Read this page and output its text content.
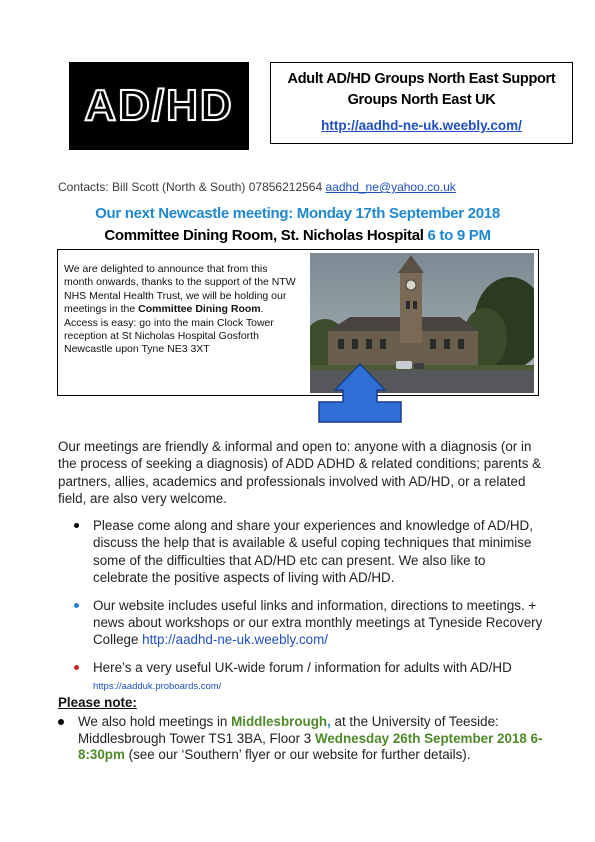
AD/HD
Adult AD/HD Groups North East Support
Groups North East UK
http://aadhd-ne-uk.weebly.com/
Contacts: Bill Scott (North & South) 07856212564 aadhd_ne@yahoo.co.uk
Our next Newcastle meeting: Monday 17th September 2018
Committee Dining Room, St. Nicholas Hospital 6 to 9 PM
We are delighted to announce that from this month onwards, thanks to the support of the NTW NHS Mental Health Trust, we will be holding our meetings in the Committee Dining Room. Access is easy: go into the main Clock Tower reception at St Nicholas Hospital Gosforth Newcastle upon Tyne NE3 3XT
Our meetings are friendly & informal and open to: anyone with a diagnosis (or in the process of seeking a diagnosis) of ADD ADHD & related conditions; parents & partners, allies, academics and professionals involved with AD/HD, or a related field, are also very welcome.
Please come along and share your experiences and knowledge of AD/HD, discuss the help that is available & useful coping techniques that minimise some of the difficulties that AD/HD etc can present. We also like to celebrate the positive aspects of living with AD/HD.
Our website includes useful links and information, directions to meetings. + news about workshops or our extra monthly meetings at Tyneside Recovery College http://aadhd-ne-uk.weebly.com/
Here’s a very useful UK-wide forum / information for adults with AD/HD https://aadduk.proboards.com/
Please note:
We also hold meetings in Middlesbrough, at the University of Teeside: Middlesbrough Tower TS1 3BA, Floor 3 Wednesday 26th September 2018 6-8:30pm (see our ‘Southern’ flyer or our website for further details).
